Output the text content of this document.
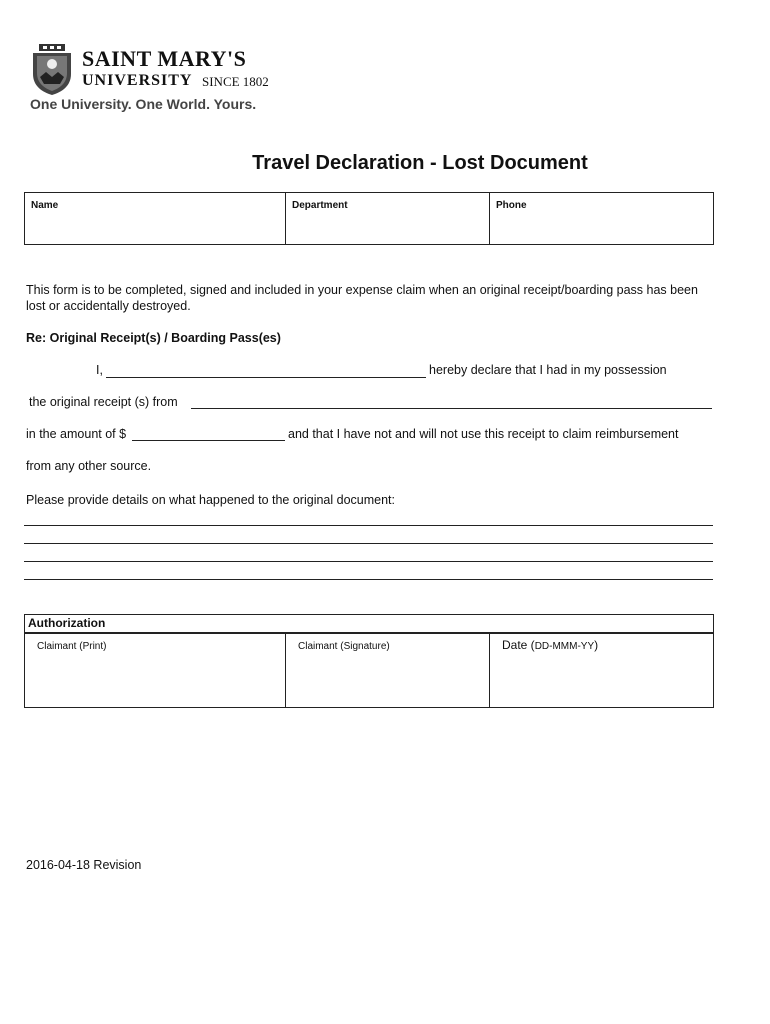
SAINT MARY'S
UNIVERSITY SINCE 1802
One University. One World. Yours.
Travel Declaration - Lost Document
Name	Department	Phone
This form is to be completed, signed and included in your expense claim when an original receipt/boarding pass has been
lost or accidentally destroyed.
Re: Original Receipt(s) / Boarding Pass(es)
I,	hereby declare that I had in my possession
the original receipt (s) from
in the amount of $	and that I have not and will not use this receipt to claim reimbursement
from any other source.
Please provide details on what happened to the original document:
Authorization
Claimant (Print)	Claimant (Signature)	Date (DD-MMM-YY)
2016-04-18 Revision
